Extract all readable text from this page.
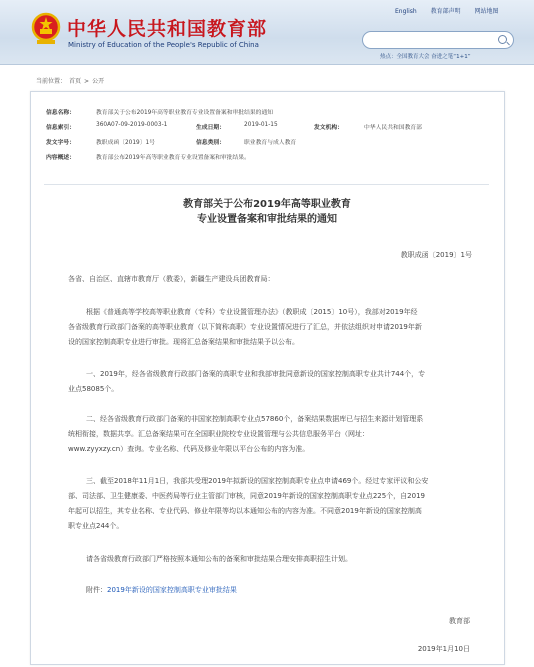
中华人民共和国教育部
Ministry of Education of the People's Republic of China
English 教育部声明 网站地图
热点：全国教育大会 奋进之笔“1+1”
当前位置： 首页 > 公开
信息名称：	教育部关于公布2019年高等职业教育专业设置备案和审批结果的通知
信息索引：	360A07-09-2019-0003-1	生成日期：	2019-01-15	发文机构：	中华人民共和国教育部
发文字号：	教职成函〔2019〕1号	信息类别：	职业教育与成人教育
内容概述：	教育部公布2019年高等职业教育专业设置备案和审批结果。
教育部关于公布2019年高等职业教育
专业设置备案和审批结果的通知
教职成函〔2019〕1号
各省、自治区、直辖市教育厅（教委），新疆生产建设兵团教育局：
根据《普通高等学校高等职业教育（专科）专业设置管理办法》（教职成〔2015〕10号），我部对2019年经
各省级教育行政部门备案的高等职业教育（以下简称高职）专业设置情况进行了汇总，并依法组织对申请2019年新
设的国家控制高职专业进行审批。现将汇总备案结果和审批结果予以公布。
一、2019年，经各省级教育行政部门备案的高职专业和我部审批同意新设的国家控制高职专业共计744个，专
业点58085个。
二、经各省级教育行政部门备案的非国家控制高职专业点57860个，备案结果数据库已与招生来源计划管理系
统相衔接，数据共享。汇总备案结果可在全国职业院校专业设置管理与公共信息服务平台（网址：
www.zyyxzy.cn）查询。专业名称、代码及修业年限以平台公布的内容为准。
三、截至2018年11月1日，我部共受理2019年拟新设的国家控制高职专业点申请469个。经过专家评议和公安
部、司法部、卫生健康委、中医药局等行业主管部门审核，同意2019年新设的国家控制高职专业点225个，自2019
年起可以招生，其专业名称、专业代码、修业年限等均以本通知公布的内容为准。不同意2019年新设的国家控制高
职专业点244个。
请各省级教育行政部门严格按照本通知公布的备案和审批结果合理安排高职招生计划。
附件：2019年新设的国家控制高职专业审批结果
教育部
2019年1月10日
